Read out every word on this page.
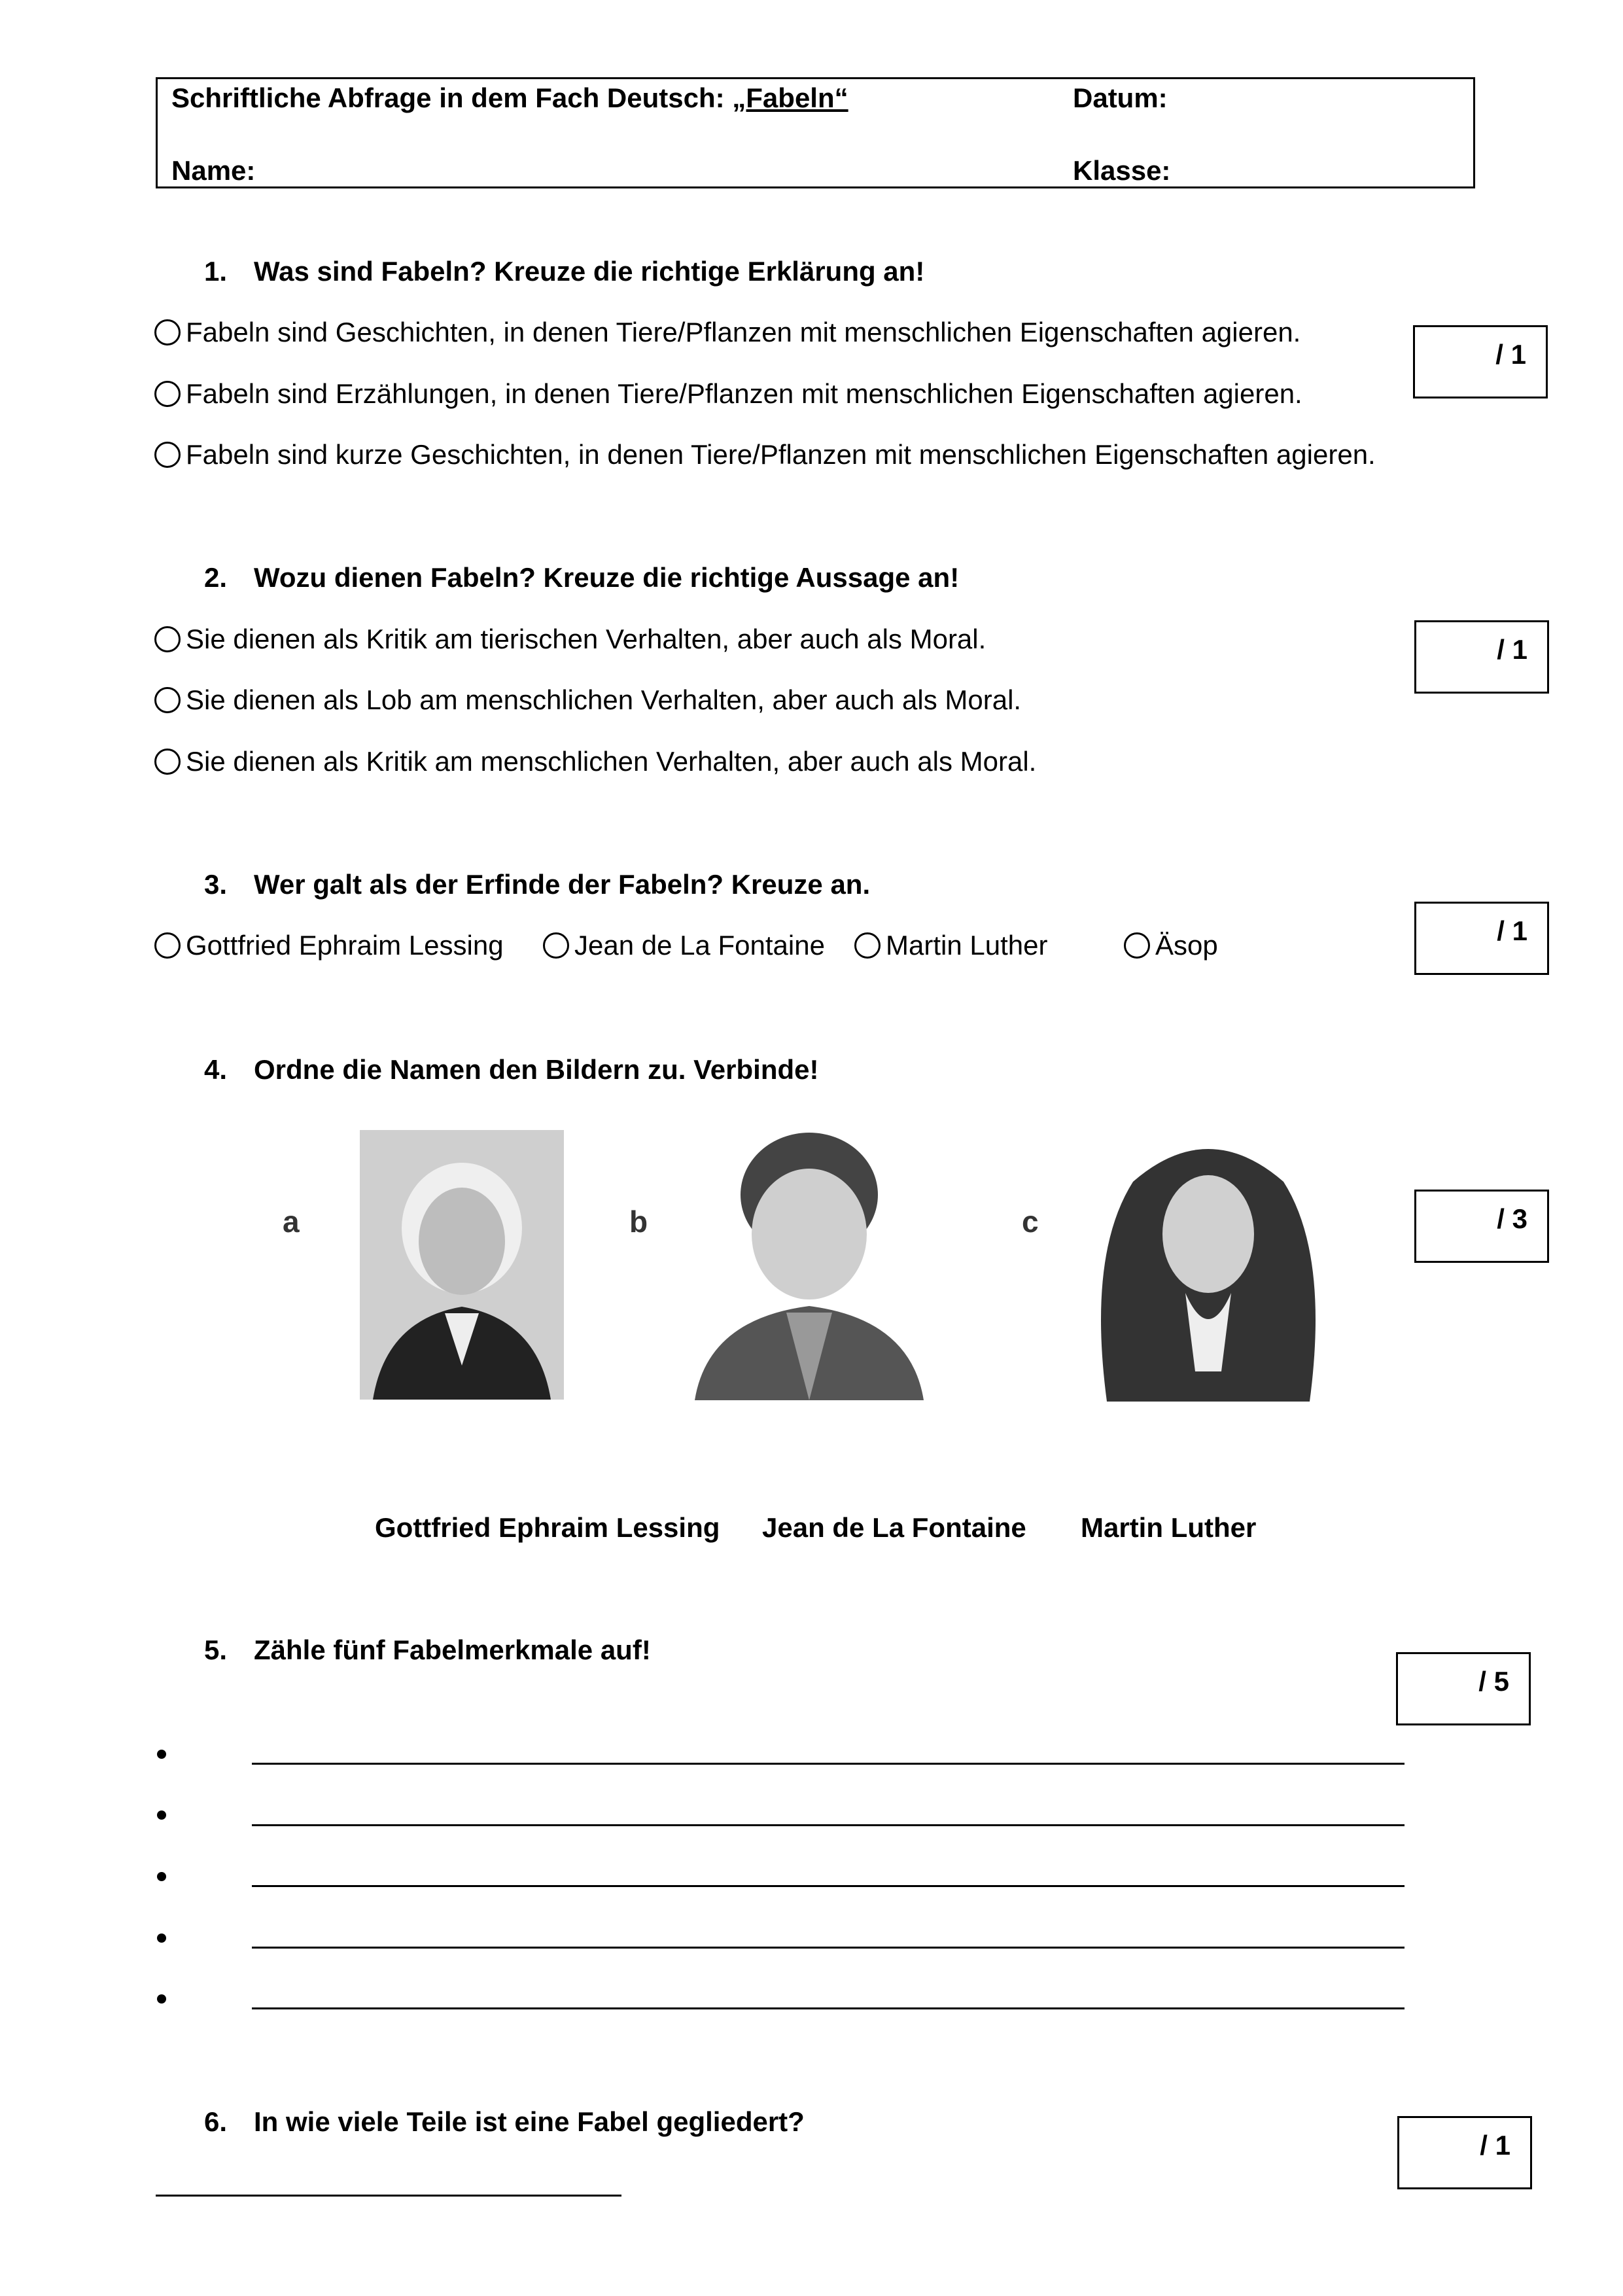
Schriftliche Abfrage in dem Fach Deutsch: „Fabeln“	Datum:
Name:	Klasse:
1. Was sind Fabeln? Kreuze die richtige Erklärung an!
Fabeln sind Geschichten, in denen Tiere/Pflanzen mit menschlichen Eigenschaften agieren.
Fabeln sind Erzählungen, in denen Tiere/Pflanzen mit menschlichen Eigenschaften agieren.
Fabeln sind kurze Geschichten, in denen Tiere/Pflanzen mit menschlichen Eigenschaften agieren.
/ 1
2. Wozu dienen Fabeln? Kreuze die richtige Aussage an!
Sie dienen als Kritik am tierischen Verhalten, aber auch als Moral.
Sie dienen als Lob am menschlichen Verhalten, aber auch als Moral.
Sie dienen als Kritik am menschlichen Verhalten, aber auch als Moral.
/ 1
3. Wer galt als der Erfinde der Fabeln? Kreuze an.
Gottfried Ephraim Lessing	Jean de La Fontaine	Martin Luther	Äsop	/ 1
4. Ordne die Namen den Bildern zu. Verbinde!
a	b	c	/ 3
Gottfried Ephraim Lessing Jean de La Fontaine Martin Luther
5. Zähle fünf Fabelmerkmale auf!
/ 5
6. In wie viele Teile ist eine Fabel gegliedert?
/ 1
